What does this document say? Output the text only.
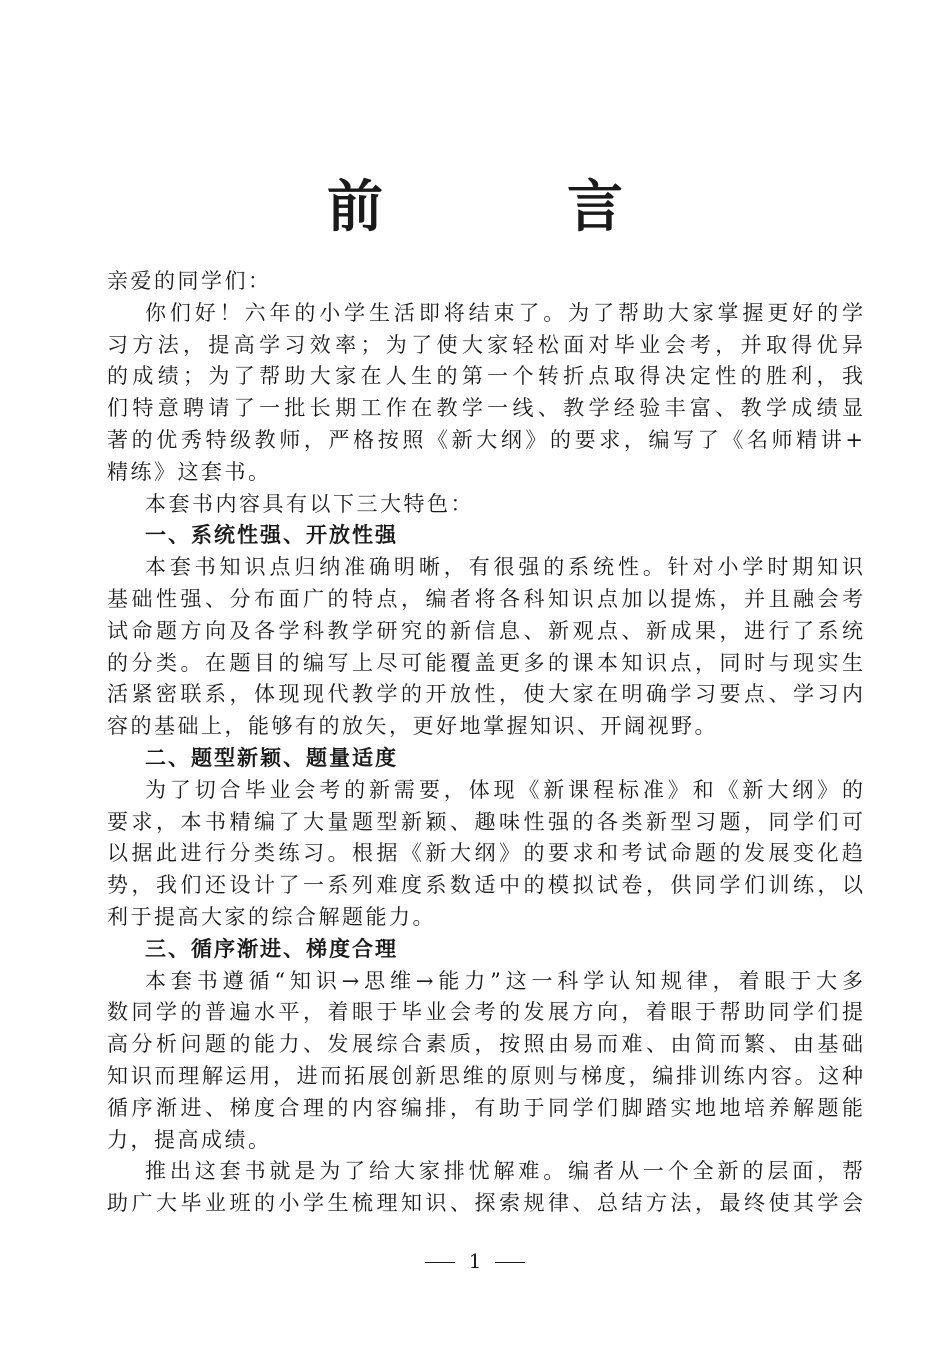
前　言

亲爱的同学们：

你们好！六年的小学生活即将结束了。为了帮助大家掌握更好的学

习方法，提高学习效率；为了使大家轻松面对毕业会考，并取得优异

的成绩；为了帮助大家在人生的第一个转折点取得决定性的胜利，我

们特意聘请了一批长期工作在教学一线、教学经验丰富、教学成绩显

著的优秀特级教师，严格按照《新大纲》的要求，编写了《名师精讲+

精练》这套书。

本套书内容具有以下三大特色：

一、系统性强、开放性强

本套书知识点归纳准确明晰，有很强的系统性。针对小学时期知识

基础性强、分布面广的特点，编者将各科知识点加以提炼，并且融会考

试命题方向及各学科教学研究的新信息、新观点、新成果，进行了系统

的分类。在题目的编写上尽可能覆盖更多的课本知识点，同时与现实生

活紧密联系，体现现代教学的开放性，使大家在明确学习要点、学习内

容的基础上，能够有的放矢，更好地掌握知识、开阔视野。

二、题型新颖、题量适度

为了切合毕业会考的新需要，体现《新课程标准》和《新大纲》的

要求，本书精编了大量题型新颖、趣味性强的各类新型习题，同学们可

以据此进行分类练习。根据《新大纲》的要求和考试命题的发展变化趋

势，我们还设计了一系列难度系数适中的模拟试卷，供同学们训练，以

利于提高大家的综合解题能力。

三、循序渐进、梯度合理

本套书遵循“知识→思维→能力”这一科学认知规律，着眼于大多

数同学的普遍水平，着眼于毕业会考的发展方向，着眼于帮助同学们提

高分析问题的能力、发展综合素质，按照由易而难、由简而繁、由基础

知识而理解运用，进而拓展创新思维的原则与梯度，编排训练内容。这种

循序渐进、梯度合理的内容编排，有助于同学们脚踏实地地培养解题能

力，提高成绩。

推出这套书就是为了给大家排忧解难。编者从一个全新的层面，帮

助广大毕业班的小学生梳理知识、探索规律、总结方法，最终使其学会

1
